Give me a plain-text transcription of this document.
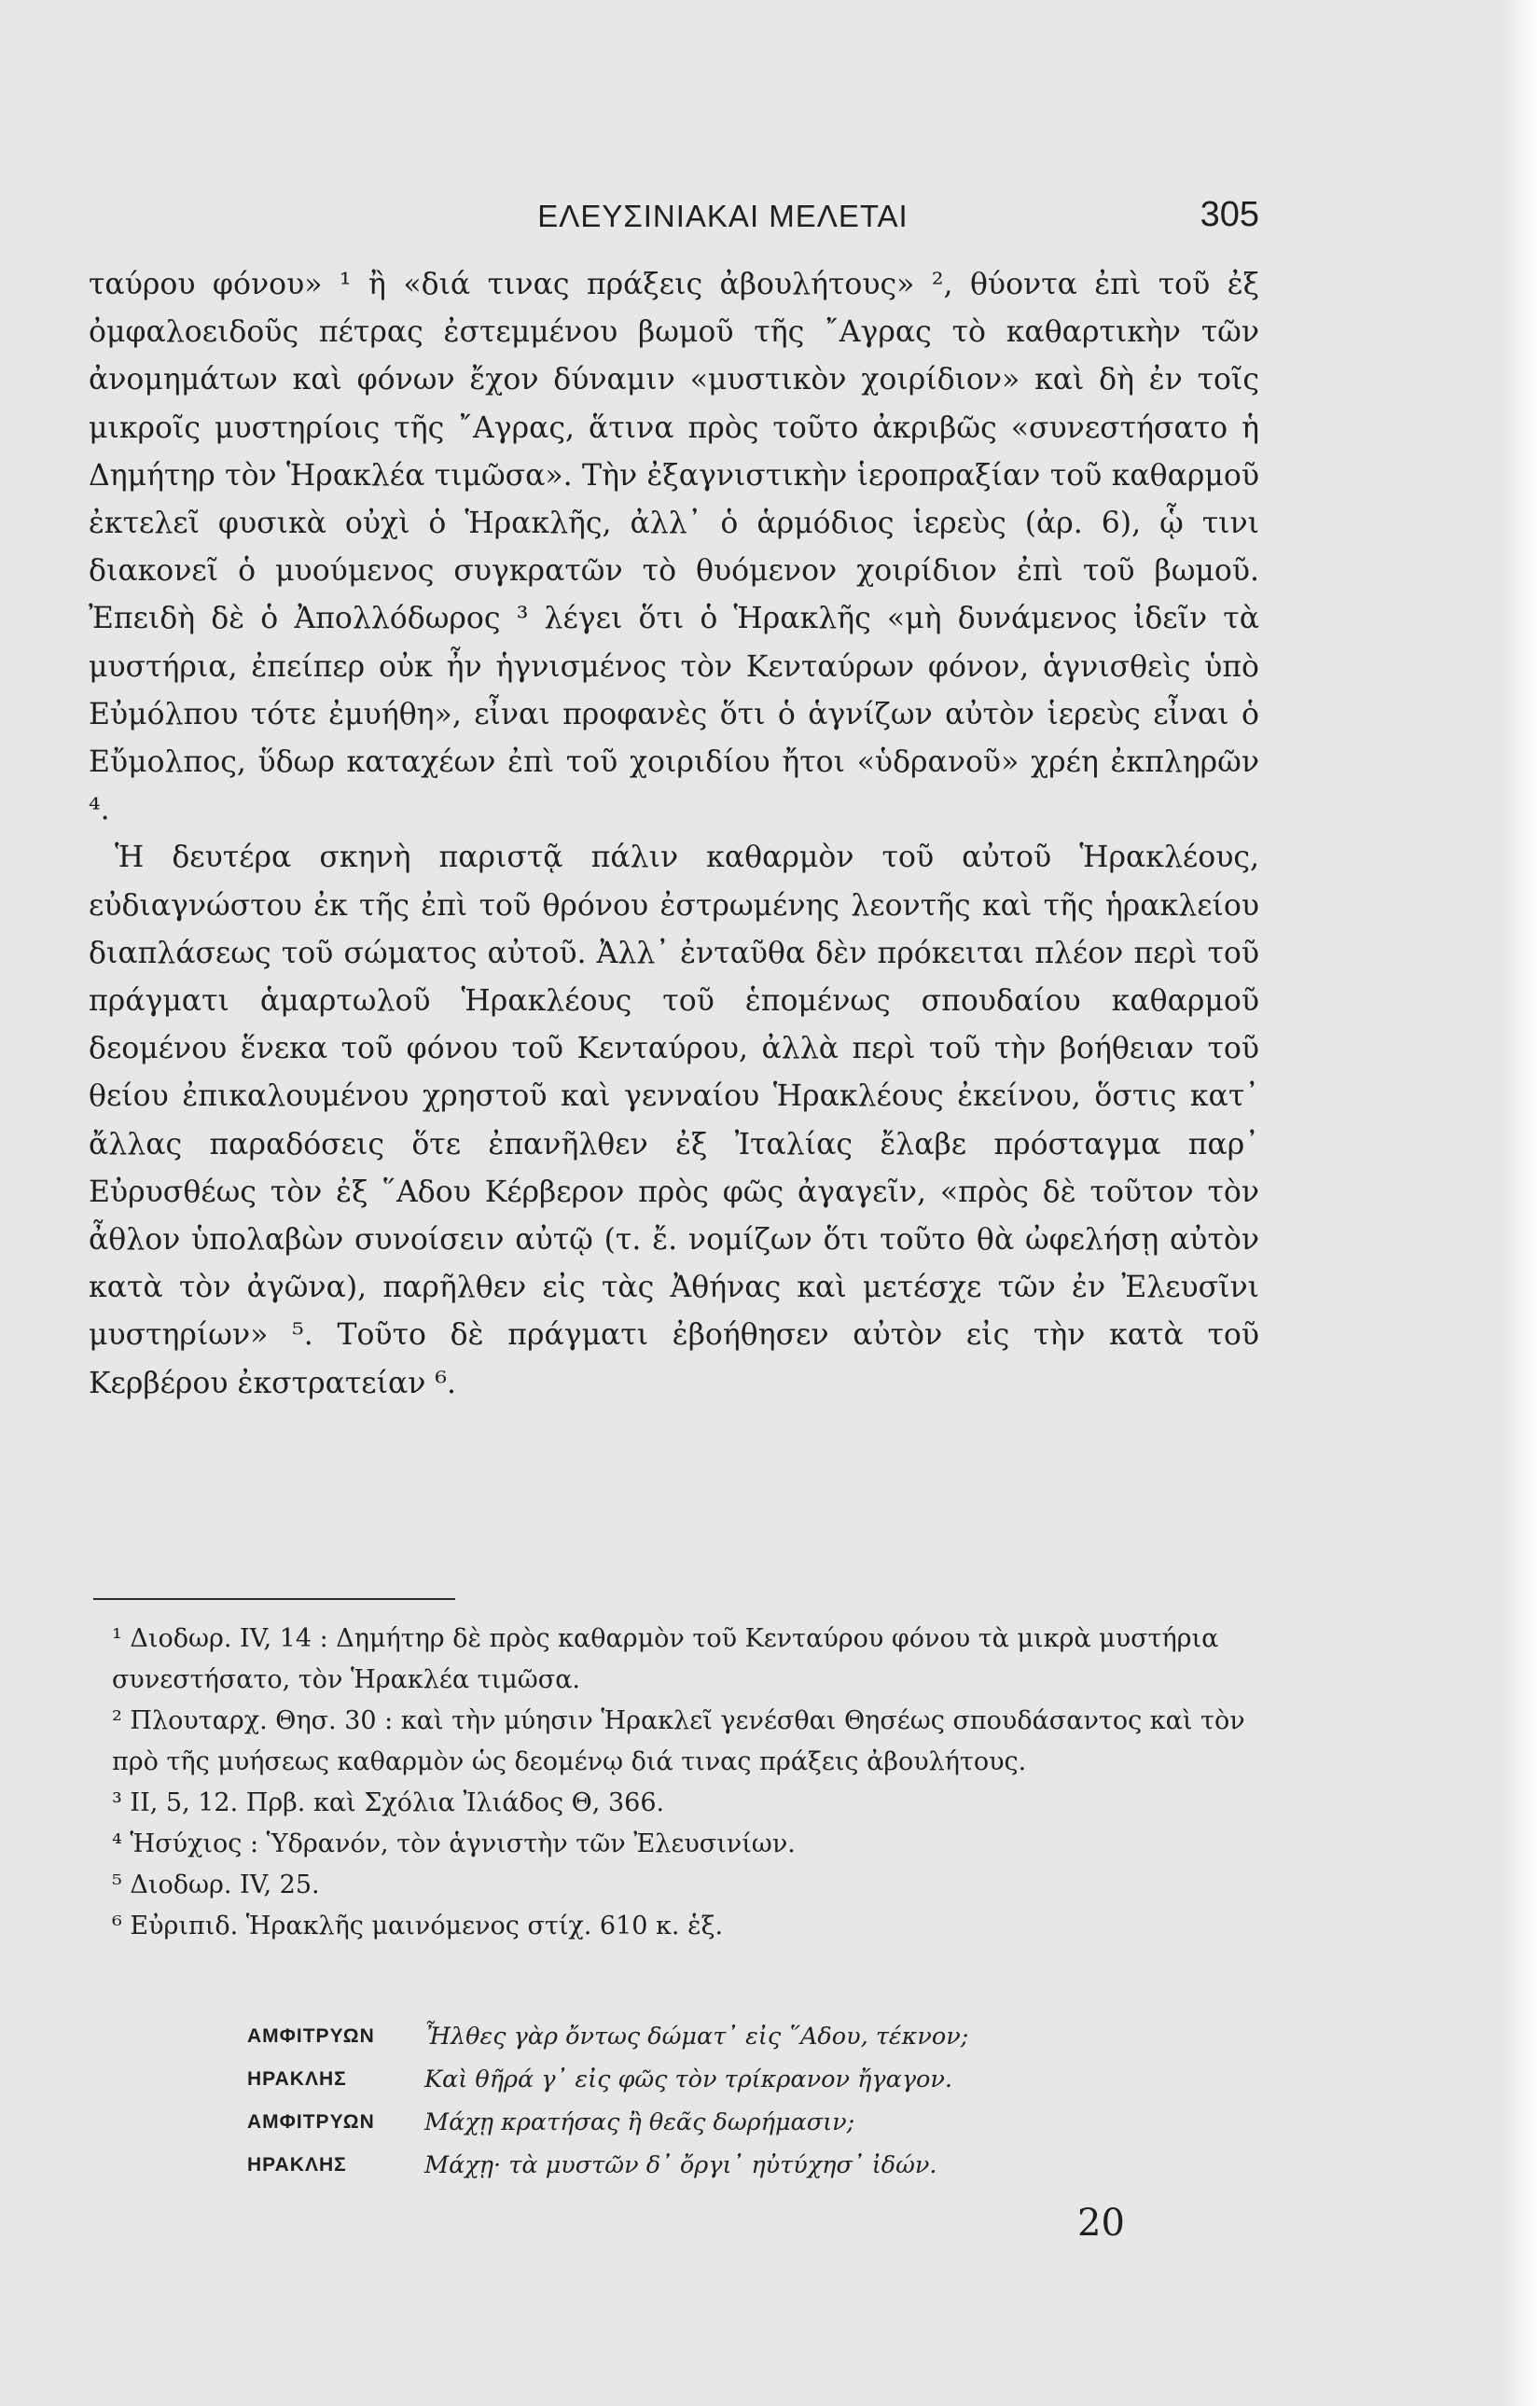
ΕΛΕΥΣΙΝΙΑΚΑΙ ΜΕΛΕΤΑΙ	305

ταύρου φόνου» ¹ ἢ «διά τινας πράξεις ἀβουλήτους» ², θύοντα ἐπὶ τοῦ ἐξ ὀμφαλοειδοῦς πέτρας ἐστεμμένου βωμοῦ τῆς ῎Αγρας τὸ καθαρτικὴν τῶν ἀνομημάτων καὶ φόνων ἔχον δύναμιν «μυστικὸν χοιρίδιον» καὶ δὴ ἐν τοῖς μικροῖς μυστηρίοις τῆς ῎Αγρας, ἅτινα πρὸς τοῦτο ἀκριβῶς «συνεστήσατο ἡ Δημήτηρ τὸν Ἡρακλέα τιμῶσα». Τὴν ἐξαγνιστικὴν ἱεροπραξίαν τοῦ καθαρμοῦ ἐκτελεῖ φυσικὰ οὐχὶ ὁ Ἡρακλῆς, ἀλλ᾽ ὁ ἁρμόδιος ἱερεὺς (ἀρ. 6), ᾧ τινι διακονεῖ ὁ μυούμενος συγκρατῶν τὸ θυόμενον χοιρίδιον ἐπὶ τοῦ βωμοῦ. Ἐπειδὴ δὲ ὁ Ἀπολλόδωρος ³ λέγει ὅτι ὁ Ἡρακλῆς «μὴ δυνάμενος ἰδεῖν τὰ μυστήρια, ἐπείπερ οὐκ ἦν ἡγνισμένος τὸν Κενταύρων φόνον, ἁγνισθεὶς ὑπὸ Εὐμόλπου τότε ἐμυήθη», εἶναι προφανὲς ὅτι ὁ ἁγνίζων αὐτὸν ἱερεὺς εἶναι ὁ Εὔμολπος, ὕδωρ καταχέων ἐπὶ τοῦ χοιριδίου ἤτοι «ὑδρανοῦ» χρέη ἐκπληρῶν ⁴.

Ἡ δευτέρα σκηνὴ παριστᾷ πάλιν καθαρμὸν τοῦ αὐτοῦ Ἡρακλέους, εὐδιαγνώστου ἐκ τῆς ἐπὶ τοῦ θρόνου ἐστρωμένης λεοντῆς καὶ τῆς ἡρακλείου διαπλάσεως τοῦ σώματος αὐτοῦ. Ἀλλ᾽ ἐνταῦθα δὲν πρόκειται πλέον περὶ τοῦ πράγματι ἁμαρτωλοῦ Ἡρακλέους τοῦ ἑπομένως σπουδαίου καθαρμοῦ δεομένου ἕνεκα τοῦ φόνου τοῦ Κενταύρου, ἀλλὰ περὶ τοῦ τὴν βοήθειαν τοῦ θείου ἐπικαλουμένου χρηστοῦ καὶ γενναίου Ἡρακλέους ἐκείνου, ὅστις κατ᾽ ἄλλας παραδόσεις ὅτε ἐπανῆλθεν ἐξ Ἰταλίας ἔλαβε πρόσταγμα παρ᾽ Εὐρυσθέως τὸν ἐξ ῞Αδου Κέρβερον πρὸς φῶς ἀγαγεῖν, «πρὸς δὲ τοῦτον τὸν ἆθλον ὑπολαβὼν συνοίσειν αὐτῷ (τ. ἔ. νομίζων ὅτι τοῦτο θὰ ὠφελήσῃ αὐτὸν κατὰ τὸν ἀγῶνα), παρῆλθεν εἰς τὰς Ἀθήνας καὶ μετέσχε τῶν ἐν Ἐλευσῖνι μυστηρίων» ⁵. Τοῦτο δὲ πράγματι ἐβοήθησεν αὐτὸν εἰς τὴν κατὰ τοῦ Κερβέρου ἐκστρατείαν ⁶.

¹ Διοδωρ. IV, 14 : Δημήτηρ δὲ πρὸς καθαρμὸν τοῦ Κενταύρου φόνου τὰ μικρὰ μυστήρια συνεστήσατο, τὸν Ἡρακλέα τιμῶσα.

² Πλουταρχ. Θησ. 30 : καὶ τὴν μύησιν Ἡρακλεῖ γενέσθαι Θησέως σπουδάσαντος καὶ τὸν πρὸ τῆς μυήσεως καθαρμὸν ὡς δεομένῳ διά τινας πράξεις ἀβουλήτους.

³ II, 5, 12. Πρβ. καὶ Σχόλια Ἰλιάδος Θ, 366.

⁴ Ἡσύχιος : Ὑδρανόν, τὸν ἁγνιστὴν τῶν Ἐλευσινίων.

⁵ Διοδωρ. IV, 25.

⁶ Εὐριπιδ. Ἡρακλῆς μαινόμενος στίχ. 610 κ. ἑξ.

ΑΜΦΙΤΡΥΩΝ	Ἦλθες γὰρ ὄντως δώματ᾽ εἰς ῞Αδου, τέκνον;
ΗΡΑΚΛΗΣ	Καὶ θῆρά γ᾽ εἰς φῶς τὸν τρίκρανον ἤγαγον.
ΑΜΦΙΤΡΥΩΝ	Μάχῃ κρατήσας ἢ θεᾶς δωρήμασιν;
ΗΡΑΚΛΗΣ	Μάχῃ· τὰ μυστῶν δ᾽ ὄργι᾽ ηὐτύχησ᾽ ἰδών.
20
